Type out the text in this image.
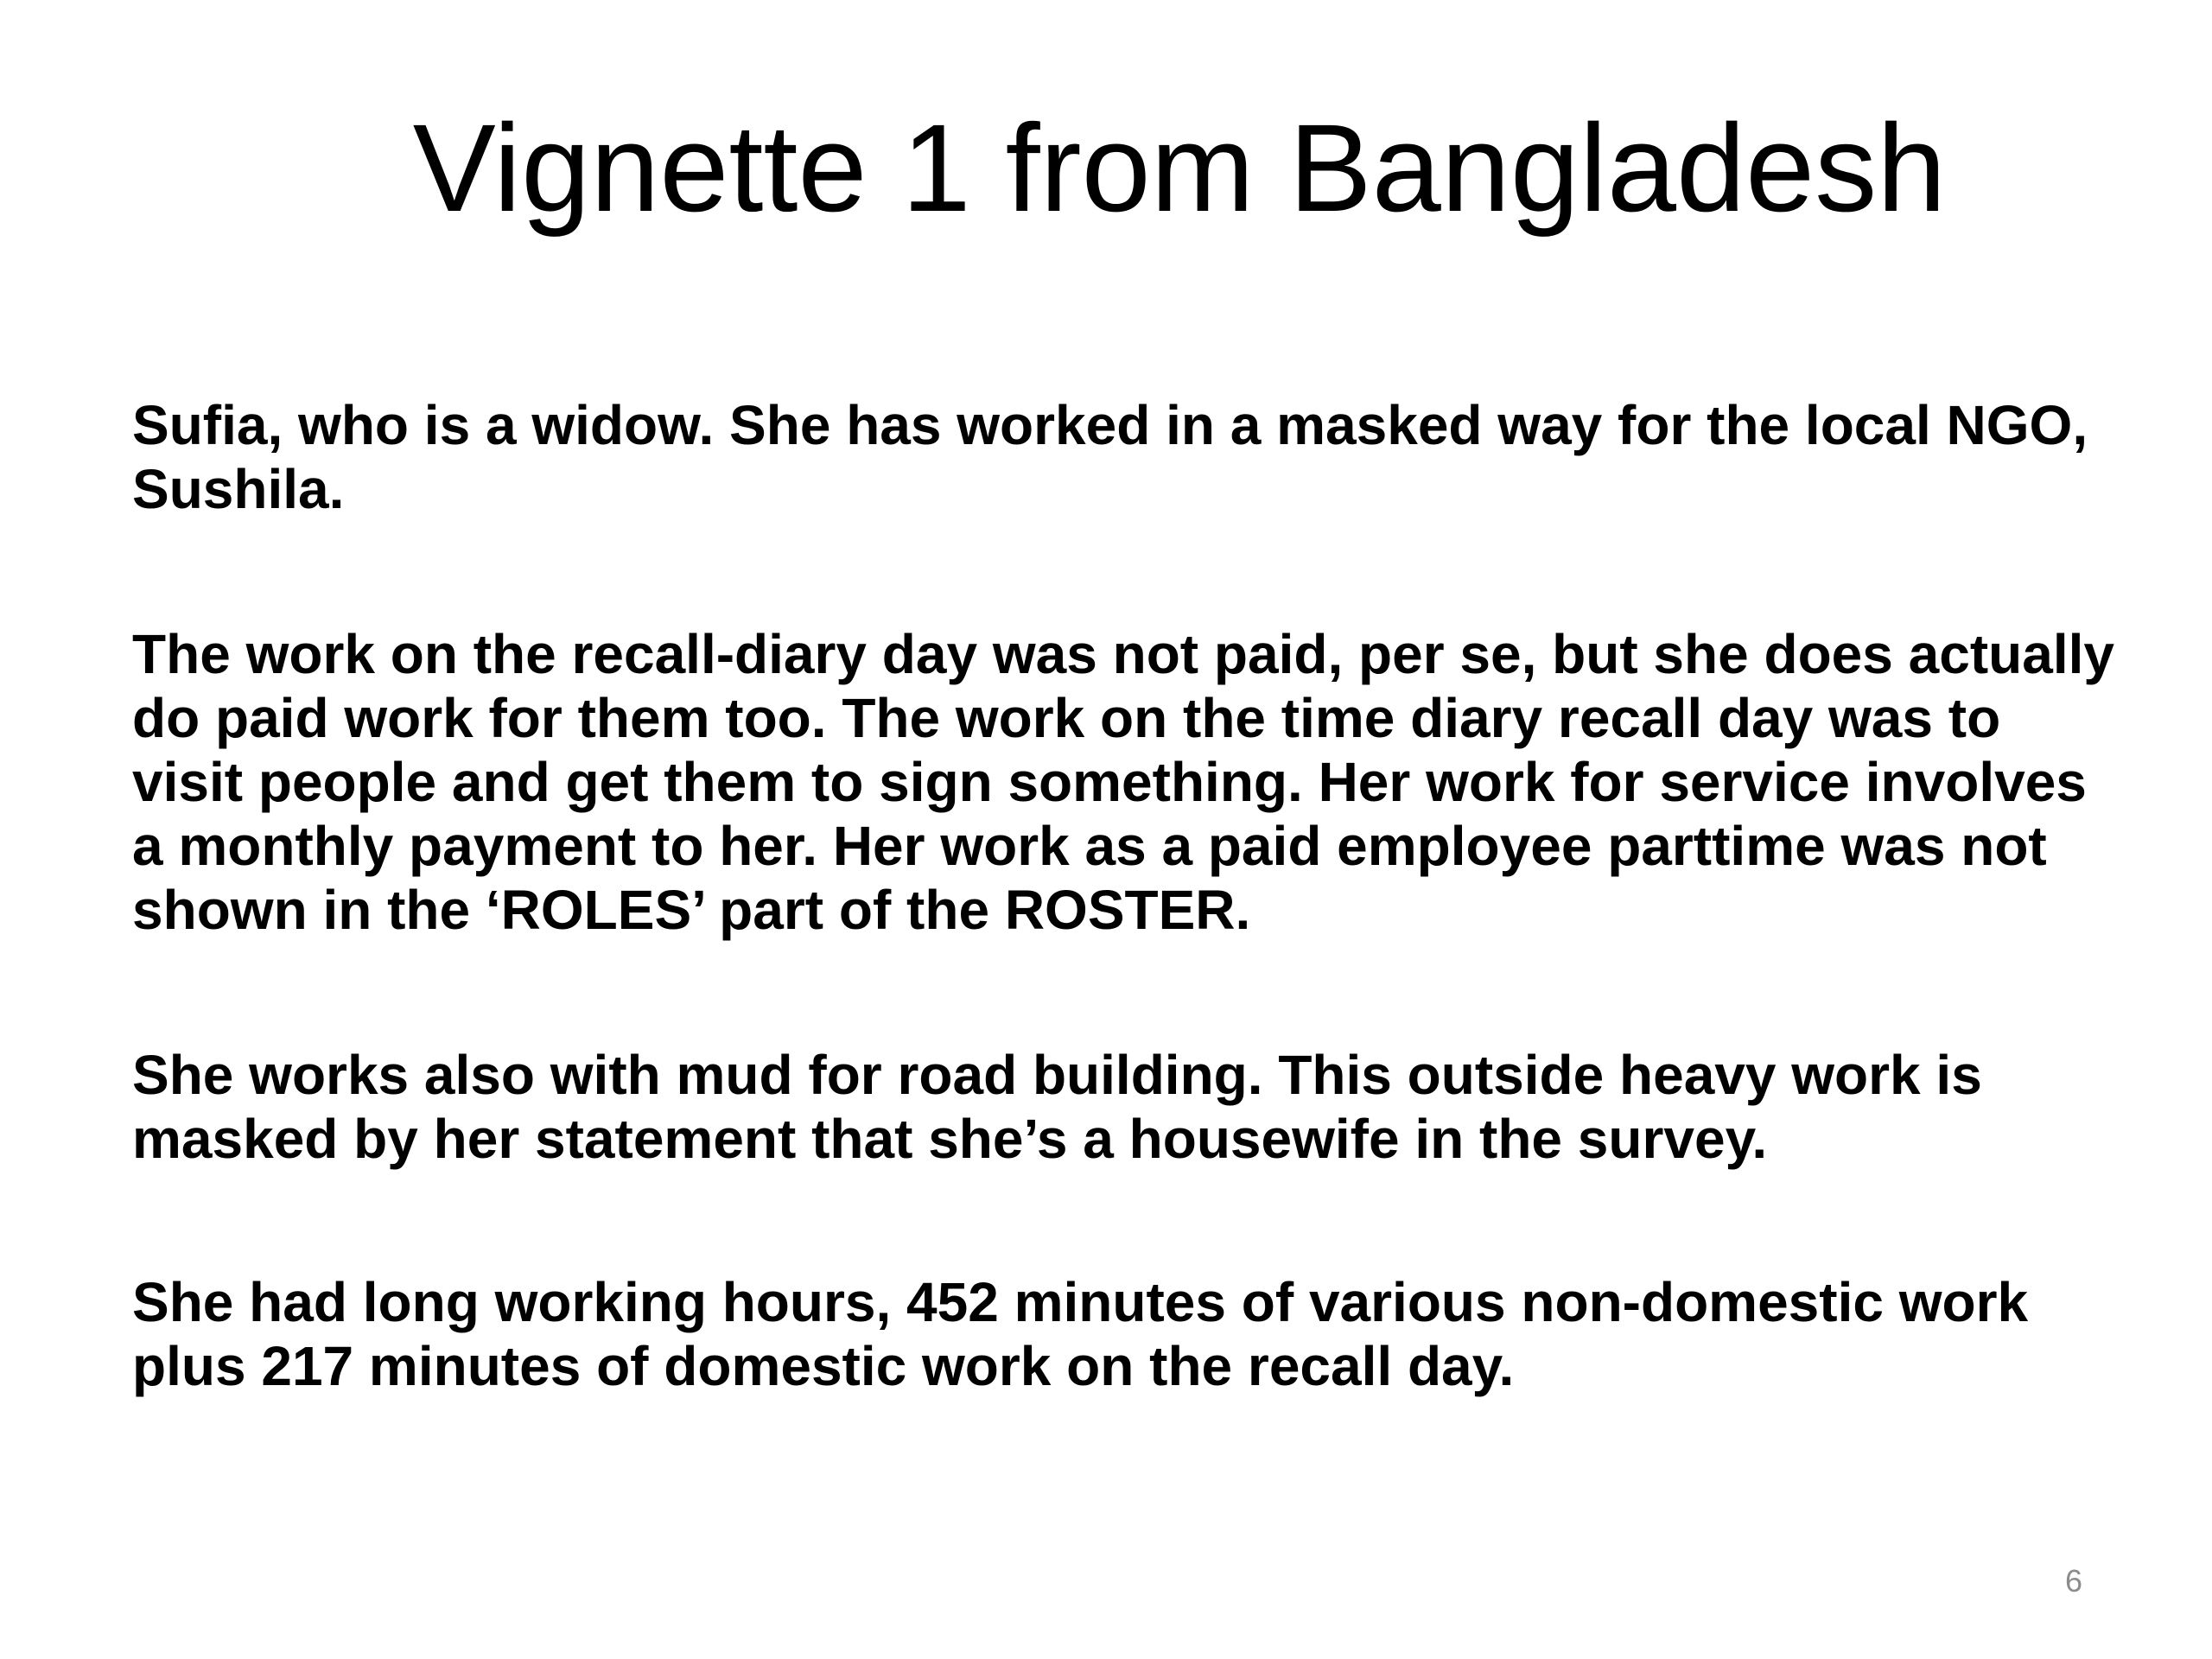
Vignette 1 from Bangladesh

Sufia, who is a widow. She has worked in a masked way for the local NGO,
Sushila.

The work on the recall-diary day was not paid, per se, but she does actually
do paid work for them too. The work on the time diary recall day was to
visit people and get them to sign something. Her work for service involves
a monthly payment to her. Her work as a paid employee parttime was not
shown in the ‘ROLES’ part of the ROSTER.

She works also with mud for road building. This outside heavy work is
masked by her statement that she’s a housewife in the survey.

She had long working hours, 452 minutes of various non-domestic work
plus 217 minutes of domestic work on the recall day.

6
